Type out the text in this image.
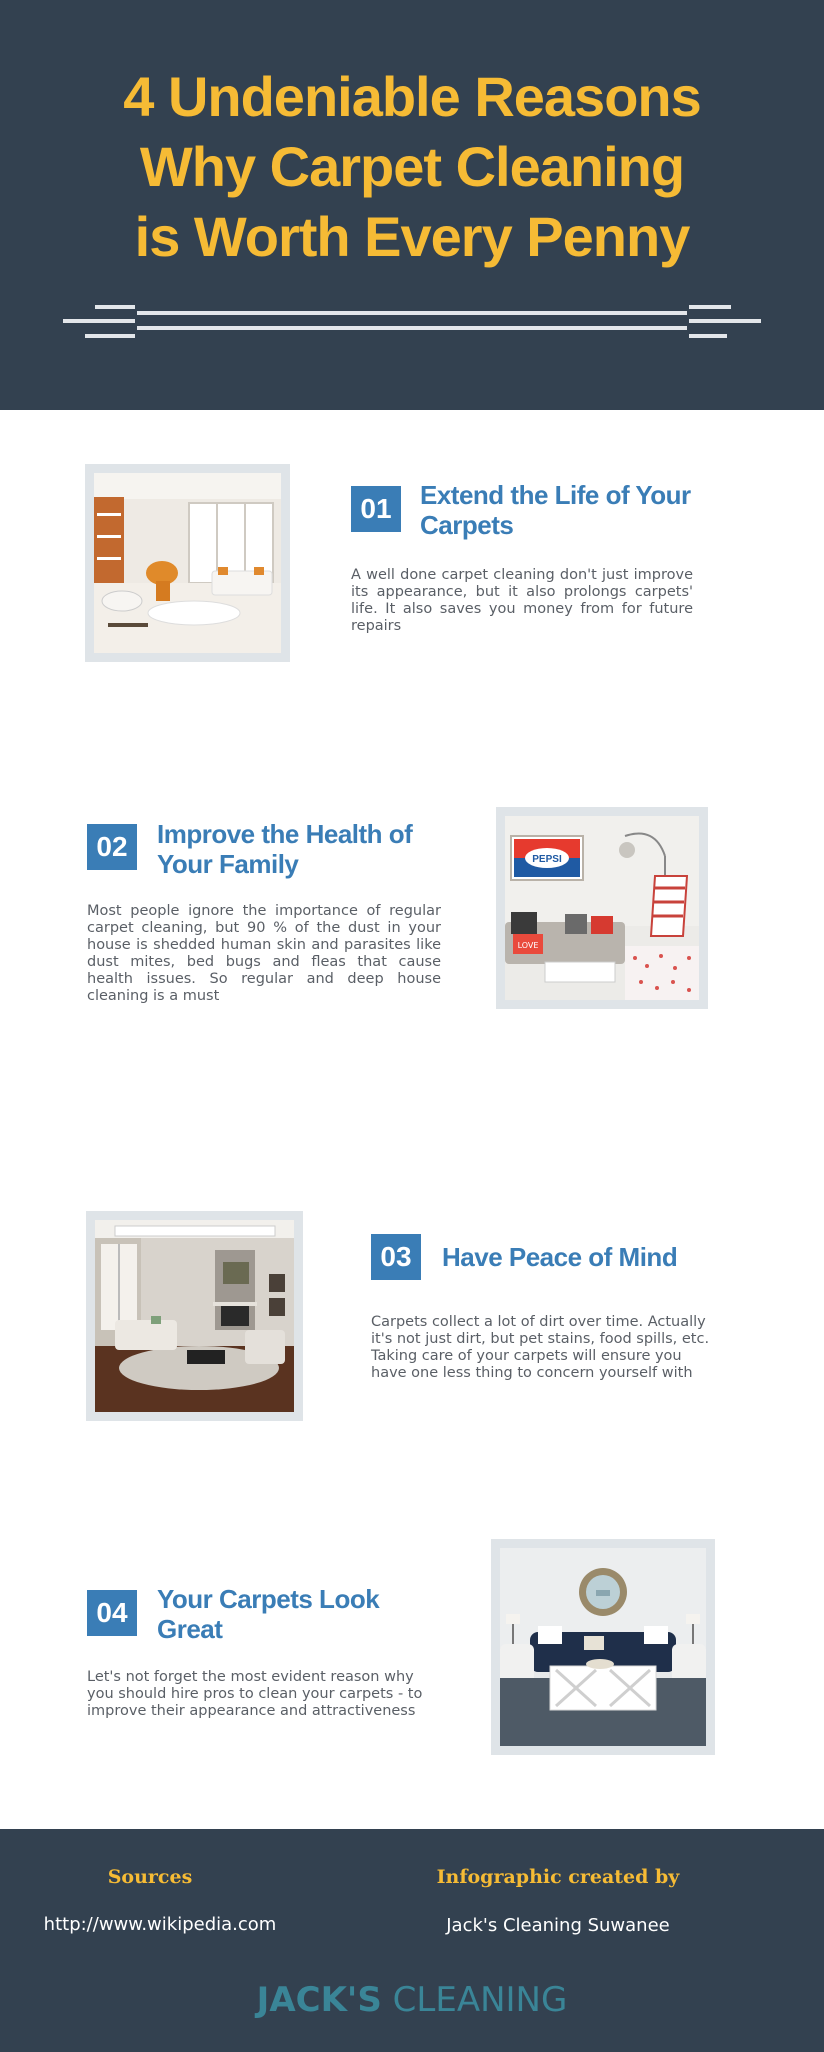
4 Undeniable Reasons
Why Carpet Cleaning
is Worth Every Penny
01	Extend the Life of Your
Carpets
A well done carpet cleaning don't just improve its appearance, but it also prolongs carpets' life. It also saves you money from for future repairs
02	Improve the Health of
Your Family
Most people ignore the importance of regular carpet cleaning, but 90 % of the dust in your house is shedded human skin and parasites like dust mites, bed bugs and fleas that cause health issues. So regular and deep house cleaning is a must
PEPSI
LOVE
03	Have Peace of Mind
Carpets collect a lot of dirt over time. Actually it's not just dirt, but pet stains, food spills, etc. Taking care of your carpets will ensure you have one less thing to concern yourself with
04	Your Carpets Look
Great
Let's not forget the most evident reason why you should hire pros to clean your carpets - to improve their appearance and attractiveness
Sources
http://www.wikipedia.com
Infographic created by
Jack's Cleaning Suwanee
JACK'S CLEANING
